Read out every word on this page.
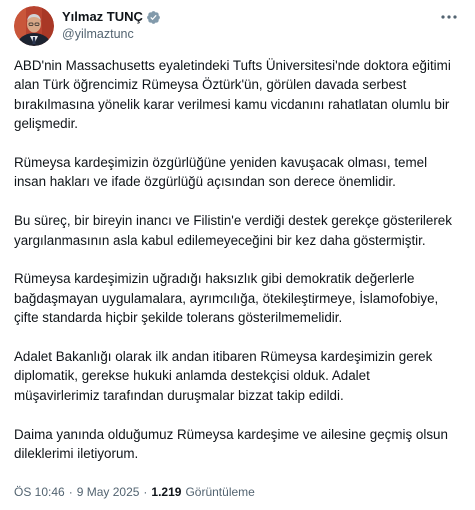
Yılmaz TUNÇ
@yilmaztunc

ABD'nin Massachusetts eyaletindeki Tufts Üniversitesi'nde doktora eğitimi alan Türk öğrencimiz Rümeysa Öztürk'ün, görülen davada serbest bırakılmasına yönelik karar verilmesi kamu vicdanını rahatlatan olumlu bir gelişmedir.

Rümeysa kardeşimizin özgürlüğüne yeniden kavuşacak olması, temel insan hakları ve ifade özgürlüğü açısından son derece önemlidir.

Bu süreç, bir bireyin inancı ve Filistin'e verdiği destek gerekçe gösterilerek yargılanmasının asla kabul edilemeyeceğini bir kez daha göstermiştir.

Rümeysa kardeşimizin uğradığı haksızlık gibi demokratik değerlerle bağdaşmayan uygulamalara, ayrımcılığa, ötekileştirmeye, İslamofobiye, çifte standarda hiçbir şekilde tolerans gösterilmemelidir.

Adalet Bakanlığı olarak ilk andan itibaren Rümeysa kardeşimizin gerek diplomatik, gerekse hukuki anlamda destekçisi olduk. Adalet müşavirlerimiz tarafından duruşmalar bizzat takip edildi.

Daima yanında olduğumuz Rümeysa kardeşime ve ailesine geçmiş olsun dileklerimi iletiyorum.

ÖS 10:46 · 9 May 2025 · 1.219 Görüntüleme
